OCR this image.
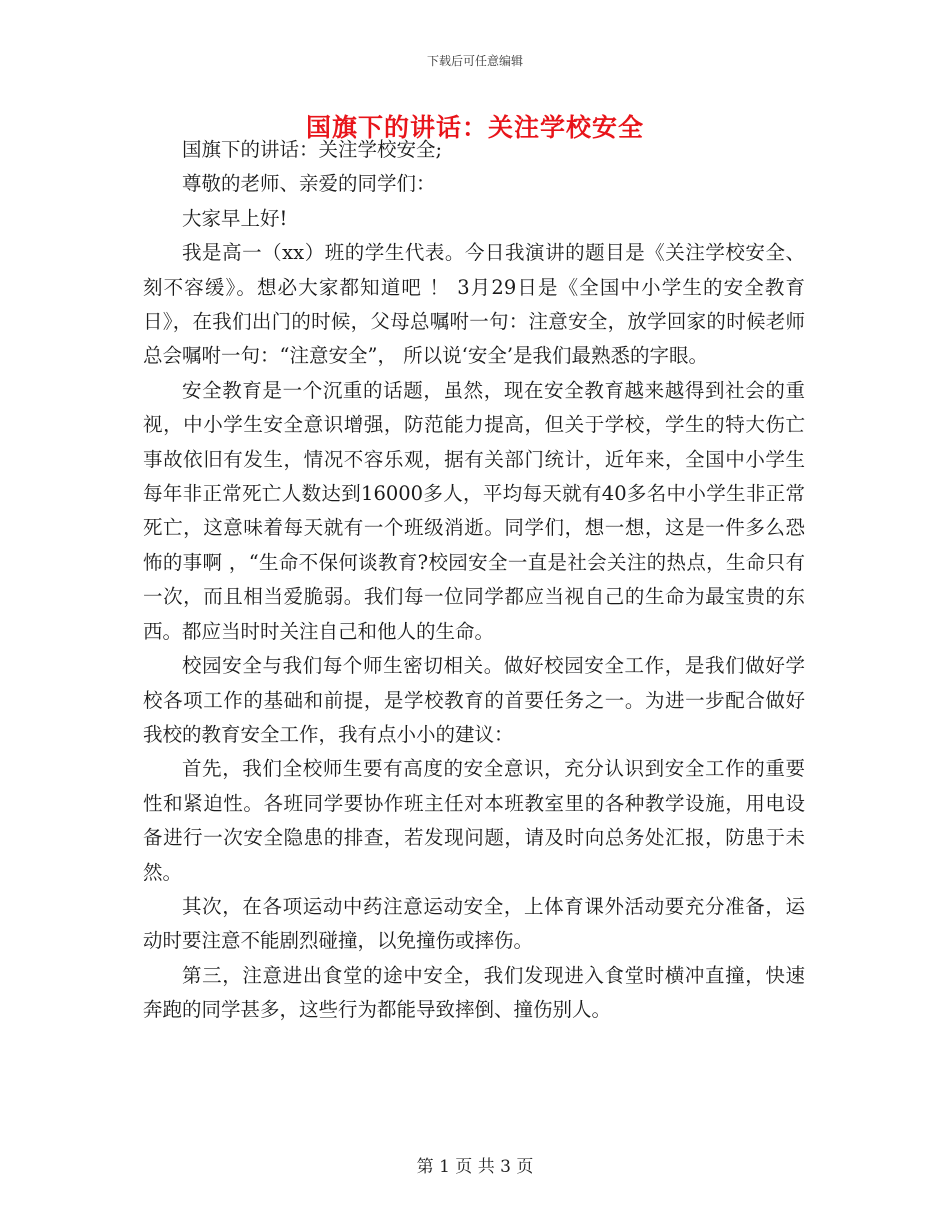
下载后可任意编辑
国旗下的讲话：关注学校安全

国旗下的讲话：关注学校安全;

尊敬的老师、亲爱的同学们：

大家早上好!

我是高一（xx）班的学生代表。今日我演讲的题目是《关注学校安全、刻不容缓》。想必大家都知道吧 ！ 3月29日是《全国中小学生的安全教育日》，在我们出门的时候，父母总嘱咐一句：注意安全，放学回家的时候老师总会嘱咐一句：“注意安全”， 所以说‘安全’是我们最熟悉的字眼。

安全教育是一个沉重的话题，虽然，现在安全教育越来越得到社会的重视，中小学生安全意识增强，防范能力提高，但关于学校，学生的特大伤亡事故依旧有发生，情况不容乐观，据有关部门统计，近年来，全国中小学生每年非正常死亡人数达到16000多人，平均每天就有40多名中小学生非正常死亡，这意味着每天就有一个班级消逝。同学们，想一想，这是一件多么恐怖的事啊 ，“生命不保何谈教育?校园安全一直是社会关注的热点，生命只有一次，而且相当爱脆弱。我们每一位同学都应当视自己的生命为最宝贵的东西。都应当时时关注自己和他人的生命。

校园安全与我们每个师生密切相关。做好校园安全工作，是我们做好学校各项工作的基础和前提，是学校教育的首要任务之一。为进一步配合做好我校的教育安全工作，我有点小小的建议：

首先，我们全校师生要有高度的安全意识，充分认识到安全工作的重要性和紧迫性。各班同学要协作班主任对本班教室里的各种教学设施，用电设备进行一次安全隐患的排查，若发现问题，请及时向总务处汇报，防患于未然。

其次，在各项运动中药注意运动安全，上体育课外活动要充分准备，运动时要注意不能剧烈碰撞，以免撞伤或摔伤。

第三，注意进出食堂的途中安全，我们发现进入食堂时横冲直撞，快速奔跑的同学甚多，这些行为都能导致摔倒、撞伤别人。

第 1 页 共 3 页
